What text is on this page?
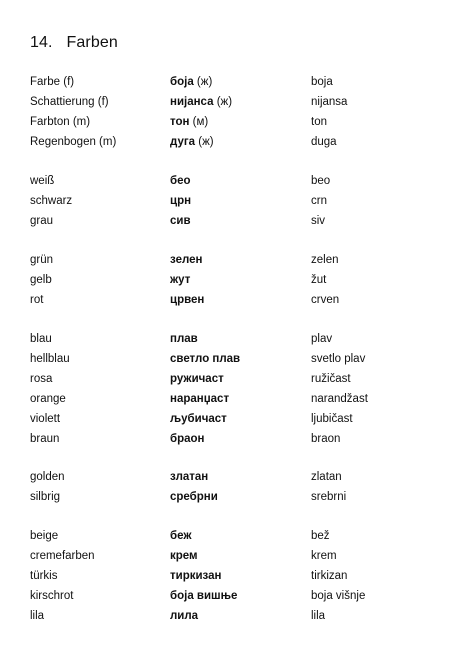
14. Farben
Farbe (f)	боја (ж)	boja
Schattierung (f)	нијанса (ж)	nijansa
Farbton (m)	тон (м)	ton
Regenbogen (m)	дуга (ж)	duga
weiß	бео	beo
schwarz	црн	crn
grau	сив	siv
grün	зелен	zelen
gelb	жут	žut
rot	црвен	crven
blau	плав	plav
hellblau	светло плав	svetlo plav
rosa	ружичаст	ružičast
orange	наранџаст	narandžast
violett	љубичаст	ljubičast
braun	браон	braon
golden	златан	zlatan
silbrig	сребрни	srebrni
beige	беж	bež
cremefarben	крем	krem
türkis	тиркизан	tirkizan
kirschrot	боја вишње	boja višnje
lila	лила	lila
